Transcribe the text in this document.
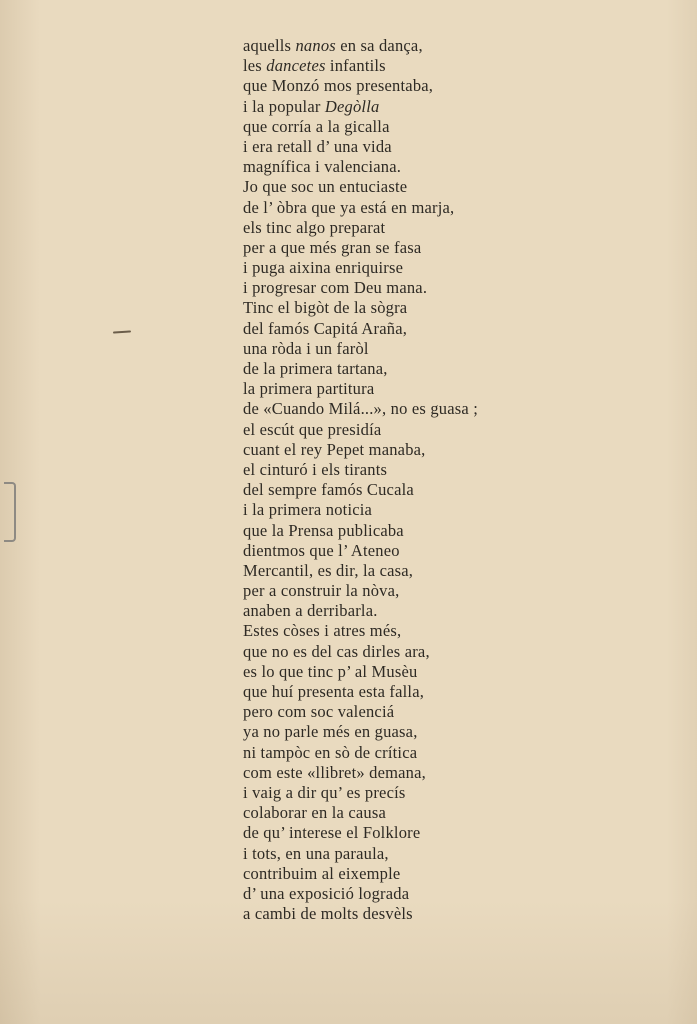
aquells nanos en sa dança,
les dancetes infantils
que Monzó mos presentaba,
i la popular Degòlla
que corría a la gicalla
i era retall d’ una vida
magnífica i valenciana.
Jo que soc un entuciaste
de l’ òbra que ya está en marja,
els tinc algo preparat
per a que més gran se fasa
i puga aixina enriquirse
i progresar com Deu mana.
Tinc el bigòt de la sògra
del famós Capitá Araña,
una ròda i un faròl
de la primera tartana,
la primera partitura
de «Cuando Milá...», no es guasa ;
el escút que presidía
cuant el rey Pepet manaba,
el cinturó i els tirants
del sempre famós Cucala
i la primera noticia
que la Prensa publicaba
dientmos que l’ Ateneo
Mercantil, es dir, la casa,
per a construir la nòva,
anaben a derribarla.
Estes còses i atres més,
que no es del cas dirles ara,
es lo que tinc p’ al Musèu
que huí presenta esta falla,
pero com soc valenciá
ya no parle més en guasa,
ni tampòc en sò de crítica
com este «llibret» demana,
i vaig a dir qu’ es precís
colaborar en la causa
de qu’ interese el Folklore
i tots, en una paraula,
contribuim al eixemple
d’ una exposició lograda
a cambi de molts desvèls
